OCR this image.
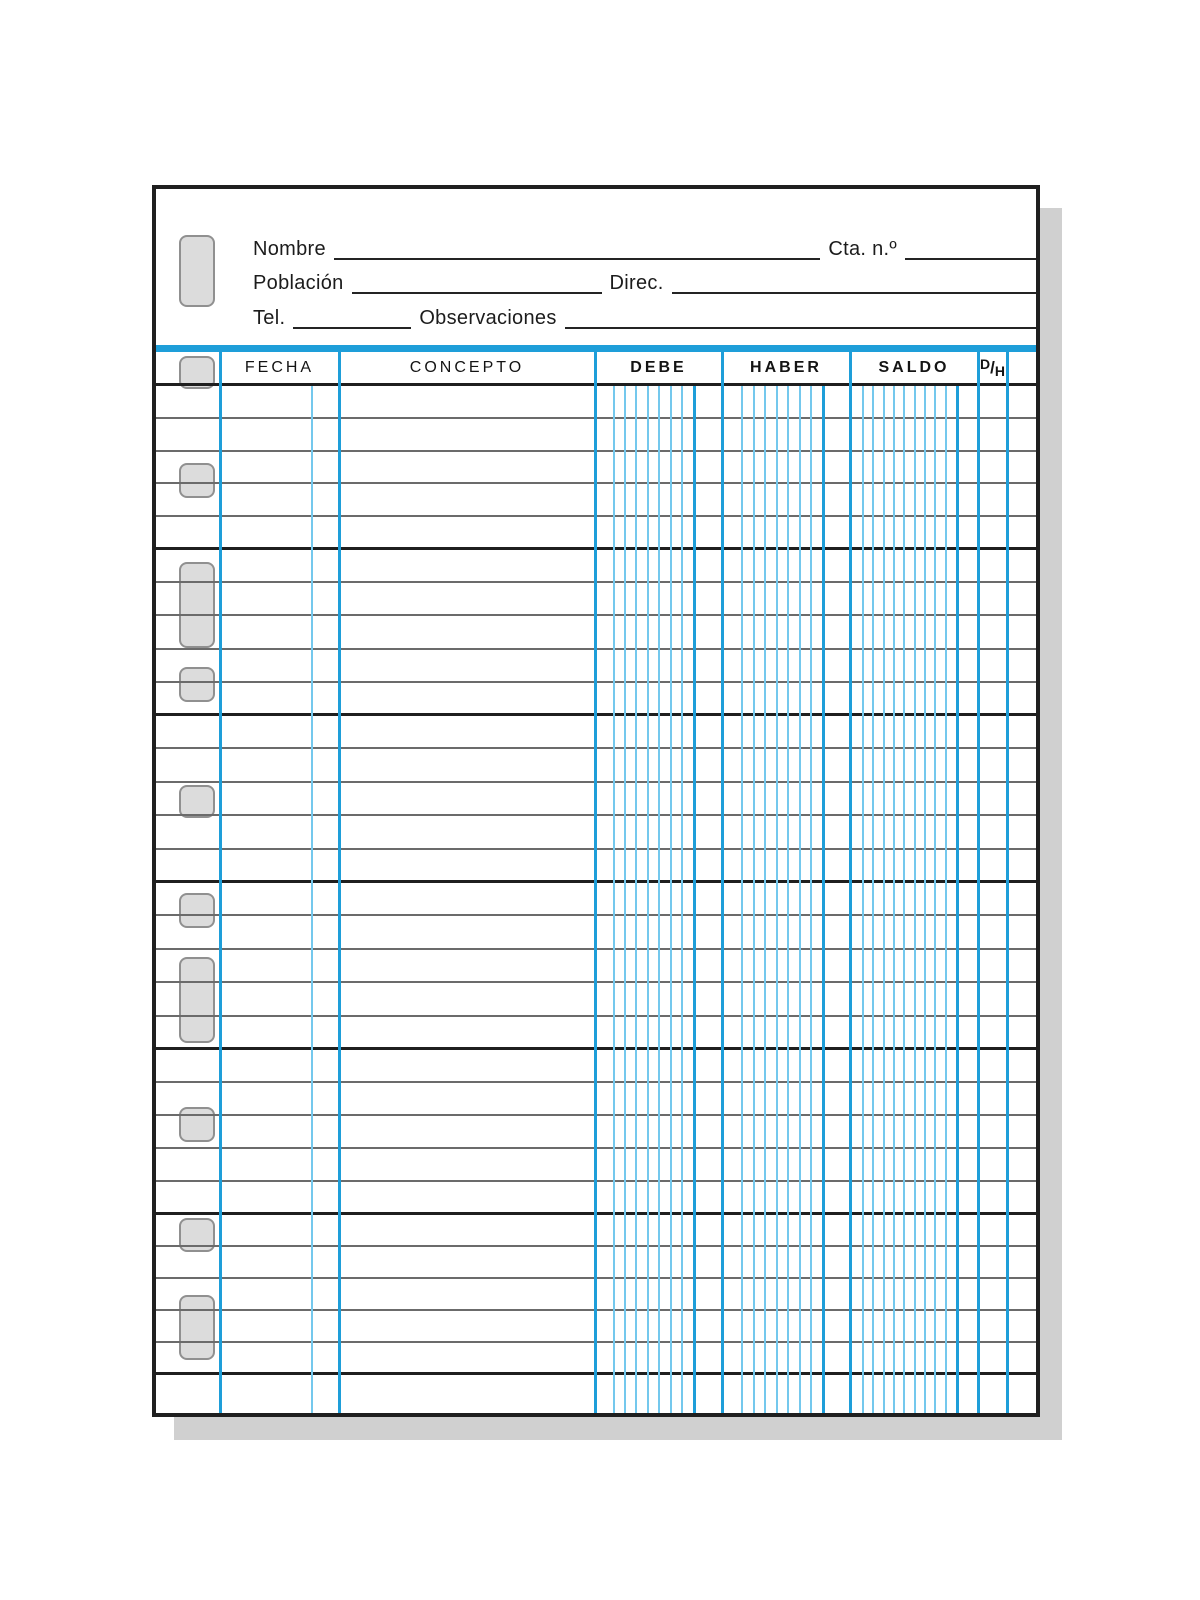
Nombre	Cta. n.º
Población	Direc.
Tel.	Observaciones
FECHA	CONCEPTO	DEBE	HABER	SALDO	D / H
